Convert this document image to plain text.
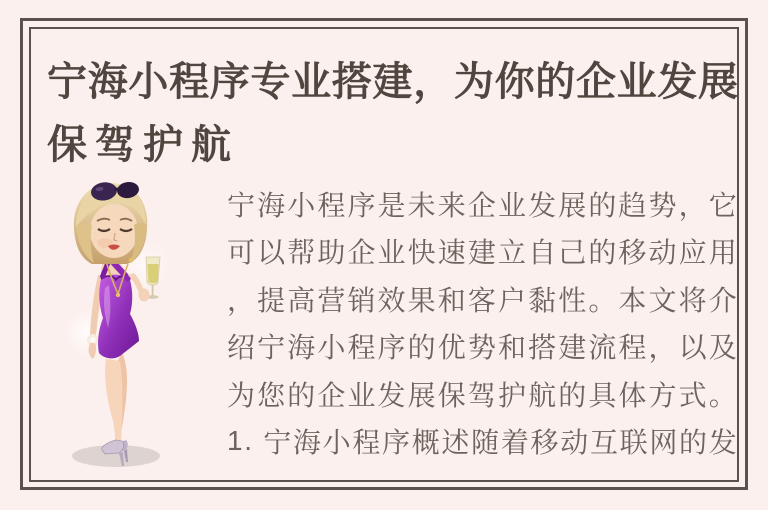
宁 海 小 程 序 专 业 搭 建 ， 为 你 的 企 业 发 展
保驾护航
宁 海 小 程 序 是 未 来 企 业 发 展 的 趋 势 ， 它
可 以 帮 助 企 业 快 速 建 立 自 己 的 移 动 应 用
， 提 高 营 销 效 果 和 客 户 黏 性 。 本 文 将 介
绍 宁 海 小 程 序 的 优 势 和 搭 建 流 程 ， 以 及
为 您 的 企 业 发 展 保 驾 护 航 的 具 体 方 式 。
1 .
宁 海 小 程 序 概 述 随 着 移 动 互 联 网 的 发
